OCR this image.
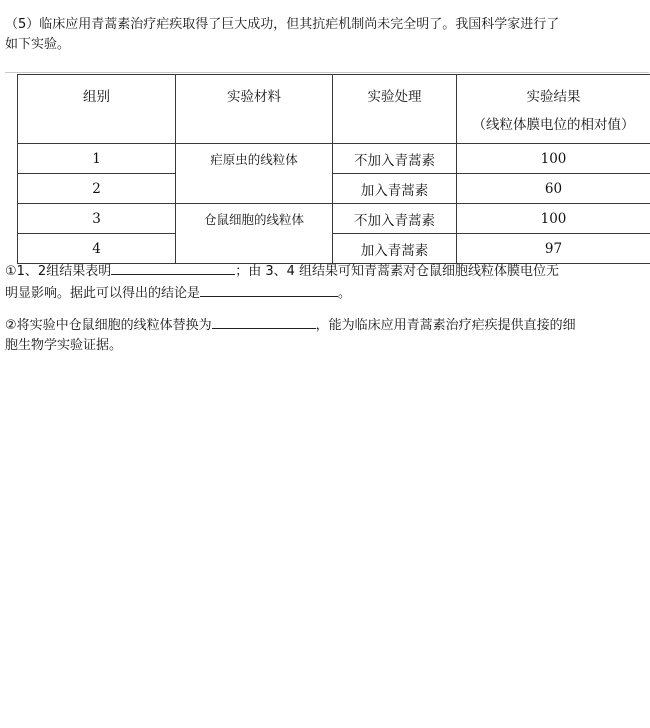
（5）临床应用青蒿素治疗疟疾取得了巨大成功，但其抗疟机制尚未完全明了。我国科学家进行了如下实验。
组别	实验材料	实验处理	实验结果
（线粒体膜电位的相对值）

1	疟原虫的线粒体	不加入青蒿素	100
2		加入青蒿素	60
3	仓鼠细胞的线粒体	不加入青蒿素	100
4		加入青蒿素	97
①1、2组结果表明	；由 3、4 组结果可知青蒿素对仓鼠细胞线粒体膜电位无明显影响。据此可以得出的结论是	。
②将实验中仓鼠细胞的线粒体替换为	，能为临床应用青蒿素治疗疟疾提供直接的细胞生物学实验证据。
